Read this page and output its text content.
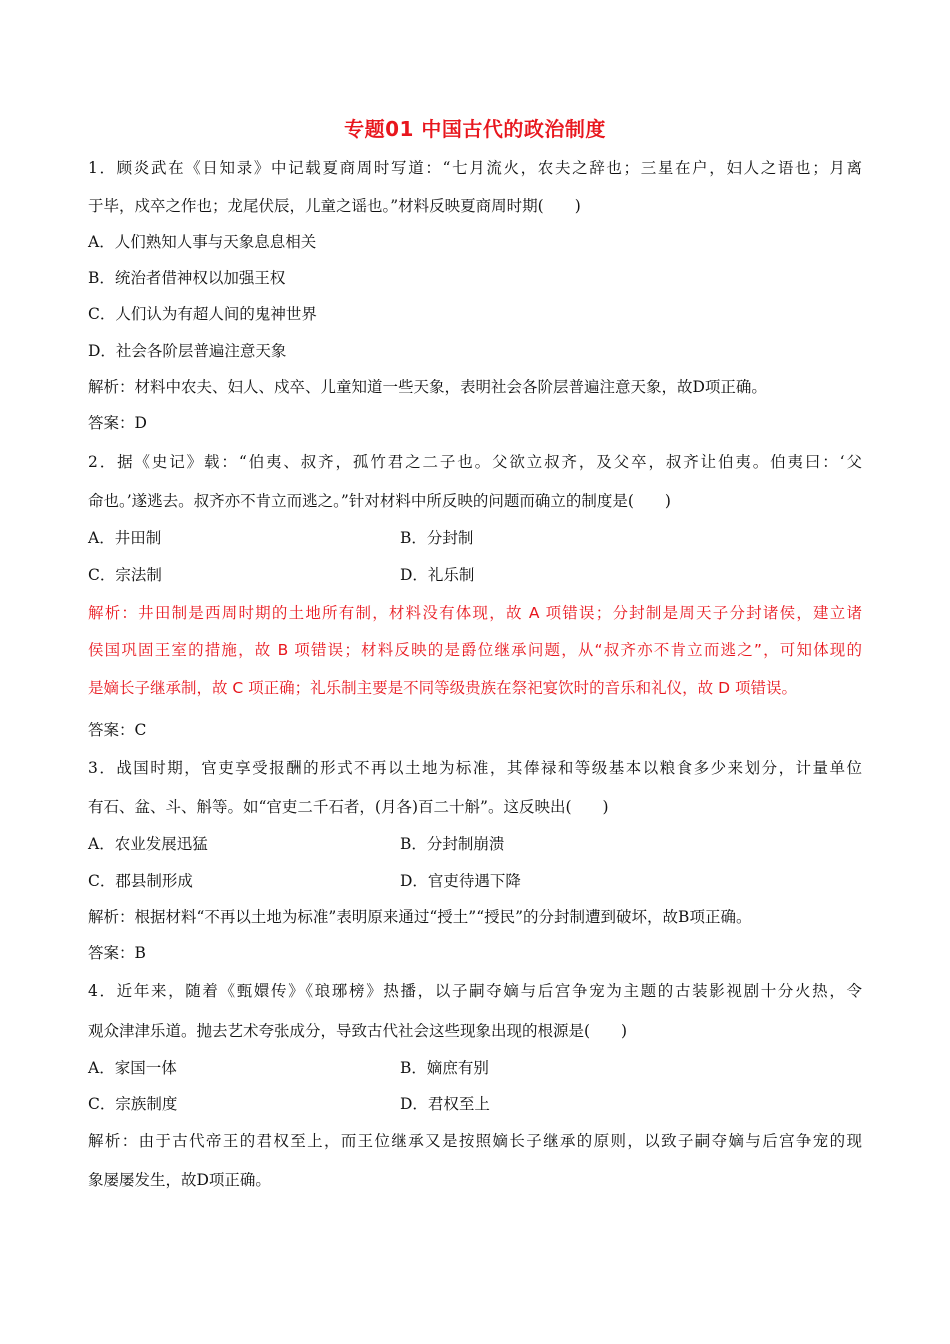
专题01 中国古代的政治制度
1．顾炎武在《日知录》中记载夏商周时写道：“七月流火，农夫之辞也；三星在户，妇人之语也；月离
于毕，戍卒之作也；龙尾伏辰，儿童之谣也。”材料反映夏商周时期(　　)
A．人们熟知人事与天象息息相关
B．统治者借神权以加强王权
C．人们认为有超人间的鬼神世界
D．社会各阶层普遍注意天象
解析：材料中农夫、妇人、戍卒、儿童知道一些天象，表明社会各阶层普遍注意天象，故D项正确。
答案：D
2．据《史记》载：“伯夷、叔齐，孤竹君之二子也。父欲立叔齐，及父卒，叔齐让伯夷。伯夷曰：‘父
命也。’遂逃去。叔齐亦不肯立而逃之。”针对材料中所反映的问题而确立的制度是(　　)
A．井田制	B．分封制
C．宗法制	D．礼乐制
解析：井田制是西周时期的土地所有制，材料没有体现，故 A 项错误；分封制是周天子分封诸侯，建立诸
侯国巩固王室的措施，故 B 项错误；材料反映的是爵位继承问题，从“叔齐亦不肯立而逃之”，可知体现的
是嫡长子继承制，故 C 项正确；礼乐制主要是不同等级贵族在祭祀宴饮时的音乐和礼仪，故 D 项错误。
答案：C
3．战国时期，官吏享受报酬的形式不再以土地为标准，其俸禄和等级基本以粮食多少来划分，计量单位
有石、盆、斗、斛等。如“官吏二千石者，(月各)百二十斛”。这反映出(　　)
A．农业发展迅猛	B．分封制崩溃
C．郡县制形成	D．官吏待遇下降
解析：根据材料“不再以土地为标准”表明原来通过“授土”“授民”的分封制遭到破坏，故B项正确。
答案：B
4．近年来，随着《甄嬛传》《琅琊榜》热播，以子嗣夺嫡与后宫争宠为主题的古装影视剧十分火热，令
观众津津乐道。抛去艺术夸张成分，导致古代社会这些现象出现的根源是(　　)
A．家国一体	B．嫡庶有别
C．宗族制度	D．君权至上
解析：由于古代帝王的君权至上，而王位继承又是按照嫡长子继承的原则，以致子嗣夺嫡与后宫争宠的现
象屡屡发生，故D项正确。
